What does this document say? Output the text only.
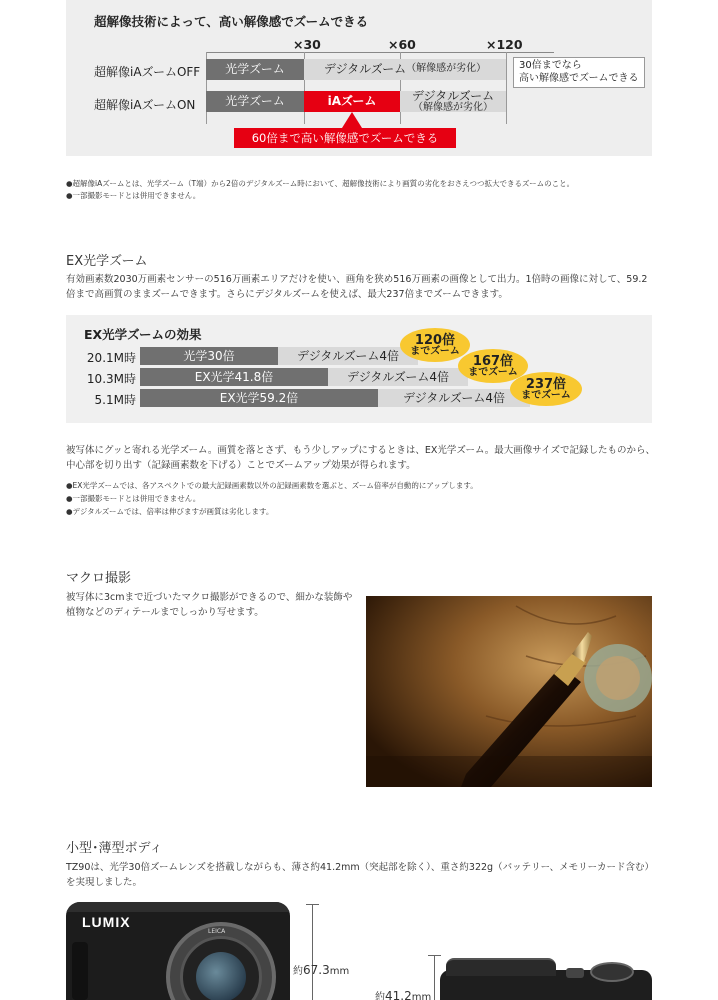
超解像技術によって、高い解像感でズームできる
×30	×60	×120
超解像iAズームOFF 光学ズーム	デジタルズーム （解像感が劣化）	30倍までなら
高い解像感でズームできる
超解像iAズームON 光学ズーム	iAズーム	デジタルズーム
（解像感が劣化）
60倍まで高い解像感でズームできる
●超解像iAズームとは、光学ズーム（T端）から2倍のデジタルズーム時において、超解像技術により画質の劣化をおさえつつ拡大できるズームのこと。
●一部撮影モードとは併用できません。
EX光学ズーム
有効画素数2030万画素センサーの516万画素エリアだけを使い、画角を狭め516万画素の画像として出力。1倍時の画像に対して、59.2倍まで高画質のままズームできます。さらにデジタルズームを使えば、最大237倍までズームできます。
EX光学ズームの効果
20.1M時	光学30倍	デジタルズーム4倍
10.3M時	EX光学41.8倍	デジタルズーム4倍
5.1M時	EX光学59.2倍	デジタルズーム4倍
120倍
までズーム
167倍
までズーム
237倍
までズーム
被写体にグッと寄れる光学ズーム。画質を落とさず、もう少しアップにするときは、EX光学ズーム。最大画像サイズで記録したものから、中心部を切り出す（記録画素数を下げる）ことでズームアップ効果が得られます。
●EX光学ズームでは、各アスペクトでの最大記録画素数以外の記録画素数を選ぶと、ズーム倍率が自動的にアップします。
●一部撮影モードとは併用できません。
●デジタルズームでは、倍率は伸びますが画質は劣化します。
マクロ撮影
被写体に3cmまで近づいたマクロ撮影ができるので、細かな装飾や植物などのディテールまでしっかり写せます。
小型･薄型ボディ
TZ90は、光学30倍ズームレンズを搭載しながらも、薄さ約41.2mm（突起部を除く）、重さ約322g（バッテリー、メモリーカード含む）を実現しました。
LUMIX
LEICA
約67.3mm
約41.2mm
